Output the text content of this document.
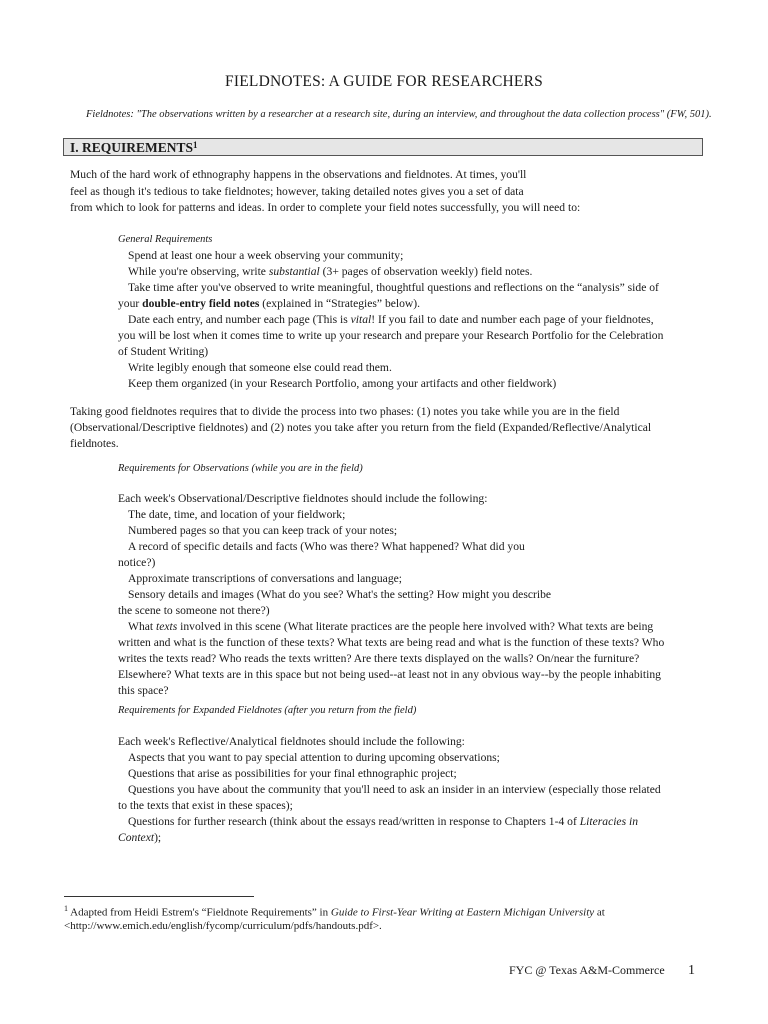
FIELDNOTES: A GUIDE FOR RESEARCHERS
Fieldnotes: "The observations written by a researcher at a research site, during an interview, and throughout the data collection process" (FW, 501).
I. REQUIREMENTS$^1$
Much of the hard work of ethnography happens in the observations and fieldnotes. At times, you'll
feel as though it's tedious to take fieldnotes; however, taking detailed notes gives you a set of data
from which to look for patterns and ideas. In order to complete your field notes successfully, you will need to:
General Requirements
Spend at least one hour a week observing your community;
While you're observing, write substantial (3+ pages of observation weekly) field notes.
Take time after you've observed to write meaningful, thoughtful questions and reflections on the “analysis” side of
your double-entry field notes (explained in “Strategies” below).
Date each entry, and number each page (This is vital! If you fail to date and number each page of your fieldnotes,
you will be lost when it comes time to write up your research and prepare your Research Portfolio for the Celebration
of Student Writing)
Write legibly enough that someone else could read them.
Keep them organized (in your Research Portfolio, among your artifacts and other fieldwork)
Taking good fieldnotes requires that to divide the process into two phases: (1) notes you take while you are in the field
(Observational/Descriptive fieldnotes) and (2) notes you take after you return from the field (Expanded/Reflective/Analytical
fieldnotes.
Requirements for Observations (while you are in the field)
Each week's Observational/Descriptive fieldnotes should include the following:
The date, time, and location of your fieldwork;
Numbered pages so that you can keep track of your notes;
A record of specific details and facts (Who was there? What happened? What did you
notice?)
Approximate transcriptions of conversations and language;
Sensory details and images (What do you see? What's the setting? How might you describe
the scene to someone not there?)
What texts involved in this scene (What literate practices are the people here involved with? What texts are being
written and what is the function of these texts? What texts are being read and what is the function of these texts? Who
writes the texts read? Who reads the texts written? Are there texts displayed on the walls? On/near the furniture?
Elsewhere? What texts are in this space but not being used--at least not in any obvious way--by the people inhabiting
this space?
Requirements for Expanded Fieldnotes (after you return from the field)
Each week's Reflective/Analytical fieldnotes should include the following:
Aspects that you want to pay special attention to during upcoming observations;
Questions that arise as possibilities for your final ethnographic project;
Questions you have about the community that you'll need to ask an insider in an interview (especially those related
to the texts that exist in these spaces);
Questions for further research (think about the essays read/written in response to Chapters 1-4 of Literacies in
Context);
$^1$ Adapted from Heidi Estrem's “Fieldnote Requirements” in Guide to First-Year Writing at Eastern Michigan University at
<http://www.emich.edu/english/fycomp/curriculum/pdfs/handouts.pdf>.
FYC @ Texas A&M-Commerce 1
